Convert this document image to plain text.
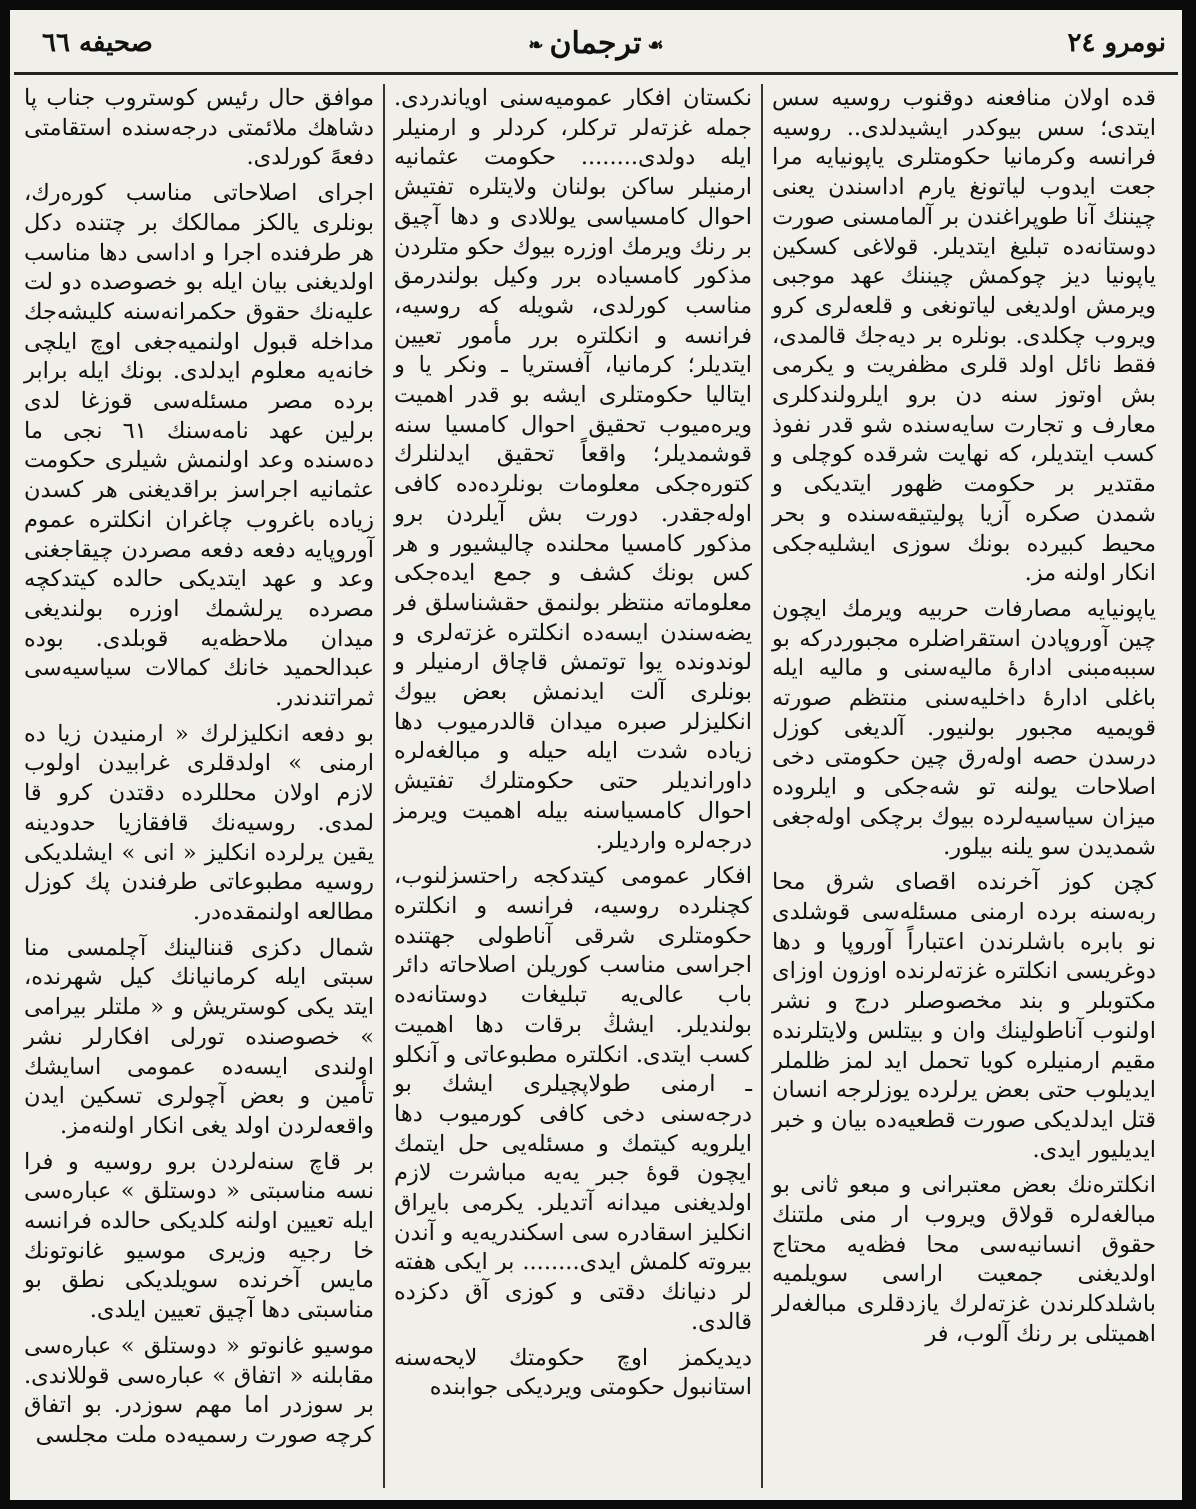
نومرو ٢٤
❧ ترجمان ☙
صحیفه ٦٦

قده اولان منافعنه دوقنوب روسیه سس ایتدی؛ سس بیوکدر ایشیدلدی.. روسیه فرانسه وکرمانیا حکومتلری یاپونیایه مرا جعت ایدوب لیاتونغ یارم اداسندن یعنی چیننك آنا طوپراغندن بر آلمامسنی صورت دوستانه‌ده تبلیغ ایتدیلر. قولاغی کسکین یاپونیا دیز چوکمش چیننك عهد موجبی ویرمش اولدیغی لیاتونغی و قلعه‌لری کرو ویروب چکلدی. بونلره بر دیه‌جك قالمدی، فقط نائل اولد قلری مظفریت و یکرمی بش اوتوز سنه دن برو ایلرولندکلری معارف و تجارت سایه‌سنده شو قدر نفوذ کسب ایتدیلر، که نهایت شرقده کوچلی و مقتدیر بر حکومت ظهور ایتدیکی و شمدن صکره آزیا پولیتیقه‌سنده و بحر محیط کبیرده بونك سوزی ایشلیه‌جکی انکار اولنه مز.

یاپونیایه مصارفات حربیه ویرمك ایچون چین آوروپادن استقراضلره مجبوردرکه بو سببه‌مبنی ادارهٔ مالیه‌سنی و مالیه ایله باغلی ادارهٔ داخلیه‌سنی منتظم صورته قویمیه مجبور بولنیور. آلدیغی کوزل درسدن حصه اوله‌رق چین حکومتی دخی اصلاحات یولنه تو شه‌جکی و ایلروده میزان سیاسیه‌لرده بیوك برچکی اوله‌جغی شمدیدن سو یلنه بیلور.

کچن کوز آخرنده اقصای شرق محا ربه‌سنه برده ارمنی مسئله‌سی قوشلدی نو بابره باشلرندن اعتباراً آوروپا و دها دوغریسی انکلتره غزته‌لرنده اوزون اوزای مکتوبلر و بند مخصوصلر درج و نشر اولنوب آناطولینك وان و بیتلس ولایتلرنده مقیم ارمنیلره کویا تحمل اید لمز ظلملر ایدیلوب حتی بعض یرلرده یوزلرجه انسان قتل ایدلدیکی صورت قطعیه‌ده بیان و خبر ایدیلیور ایدی.

انکلتره‌نك بعض معتبرانی و مبعو ثانی بو مبالغه‌لره قولاق ویروب ار منی ملتنك حقوق انسانیه‌سی محا فظه‌یه محتاج اولدیغنی جمعیت اراسی سویلمیه باشلدکلرندن غزته‌لرك یازدقلری مبالغه‌لر اهمیتلی بر رنك آلوب، فر

نکستان افکار عمومیه‌سنی اویاندردی. جمله غزته‌لر ترکلر، کردلر و ارمنیلر ایله دولدی........ حکومت عثمانیه ارمنیلر ساکن بولنان ولایتلره تفتیش احوال کامسیاسی یوللادی و دها آچیق بر رنك ویرمك اوزره بیوك حکو متلردن مذکور کامسیاده برر وکیل بولندرمق مناسب کورلدی، شویله که روسیه، فرانسه و انکلتره برر مأمور تعیین ایتدیلر؛ کرمانیا، آفستریا ـ ونکر یا و ایتالیا حکومتلری ایشه بو قدر اهمیت ویره‌میوب تحقیق احوال کامسیا سنه قوشمدیلر؛ واقعاً تحقیق ایدلنلرك کتوره‌جکی معلومات بونلرده‌ده کافی اوله‌جقدر. دورت بش آیلردن برو مذکور کامسیا محلنده چالیشیور و هر کس بونك کشف و جمع ایده‌جکی معلوماته منتظر بولنمق حقشناسلق فر یضه‌سندن ایسه‌ده انکلتره غزته‌لری و لوندونده یوا توتمش قاچاق ارمنیلر و بونلری آلت ایدنمش بعض بیوك انکلیزلر صبره میدان قالدرمیوب دها زیاده شدت ایله حیله و مبالغه‌لره داوراندیلر حتی حکومتلرك تفتیش احوال کامسیاسنه بیله اهمیت ویرمز درجه‌لره واردیلر.

افکار عمومی کیتدکجه راحتسزلنوب، کچنلرده روسیه، فرانسه و انکلتره حکومتلری شرقی آناطولی جهتنده اجراسی مناسب کوریلن اصلاحاته دائر باب عالی‌یه تبلیغات دوستانه‌ده بولندیلر. ایشڭ برقات دها اهمیت کسب ایتدی. انکلتره مطبوعاتی و آنکلو ـ ارمنی طولاپچیلری ایشك بو درجه‌سنی دخی کافی کورمیوب دها ایلرویه کیتمك و مسئله‌یی حل ایتمك ایچون قوهٔ جبر یه‌یه مباشرت لازم اولدیغنی میدانه آتدیلر. یکرمی بایراق انکلیز اسقادره سی اسکندریه‌یه و آندن بیروته کلمش ایدی........ بر ایکی هفته لر دنیانك دقتی و کوزی آق دکزده قالدی.

دیدیکمز اوچ حکومتك لایحه‌سنه استانبول حکومتی ویردیکی جوابنده

موافق حال رئیس کوستروب جناب پا دشاهك ملائمتی درجه‌سنده استقامتی دفعهً کورلدی.

اجرای اصلاحاتی مناسب کوره‌رك، بونلری یالکز ممالکك بر چتنده دکل هر طرفنده اجرا و اداسی دها مناسب اولدیغنی بیان ایله بو خصوصده دو لت علیه‌نك حقوق حکمرانه‌سنه کلیشه‌جك مداخله قبول اولنمیه‌جغی اوچ ایلچی خانه‌یه معلوم ایدلدی. بونك ایله برابر برده مصر مسئله‌سی قوزغا لدی برلین عهد نامه‌سنك ٦١ نجی ما ده‌سنده وعد اولنمش شیلری حکومت عثمانیه اجراسز براقدیغنی هر کسدن زیاده باغروب چاغران انکلتره عموم آوروپایه دفعه دفعه مصردن چیقاجغنی وعد و عهد ایتدیکی حالده کیتدکچه مصرده یرلشمك اوزره بولندیغی میدان ملاحظه‌یه قوبلدی. بوده عبدالحمید خانك کمالات سیاسیه‌سی ثمراتندندر.

بو دفعه انکلیزلرك « ارمنیدن زیا ده ارمنی » اولدقلری غرابیدن اولوب لازم اولان محللرده دقتدن کرو قا لمدی. روسیه‌نك قافقازیا حدودینه یقین یرلرده انکلیز « انی » ایشلدیکی روسیه مطبوعاتی طرفندن پك کوزل مطالعه اولنمقده‌در.

شمال دکزی قننالینك آچلمسی منا سبتی ایله کرمانیانك کیل شهرنده، ایتد یکی کوستریش و « ملتلر بیرامی » خصوصنده تورلی افکارلر نشر اولندی ایسه‌ده عمومی اسایشك تأمین و بعض آچولری تسکین ایدن واقعه‌لردن اولد یغی انکار اولنه‌مز.

بر قاچ سنه‌لردن برو روسیه و فرا نسه مناسبتی « دوستلق » عباره‌سی ایله تعیین اولنه کلدیکی حالده فرانسه خا رجیه وزیری موسیو غانوتونك مایس آخرنده سویلدیکی نطق بو مناسبتی دها آچیق تعیین ایلدی.

موسیو غانوتو « دوستلق » عباره‌سی مقابلنه « اتفاق » عباره‌سی قوللاندی. بر سوزدر اما مهم سوزدر. بو اتفاق کرچه صورت رسمیه‌ده ملت مجلسی
